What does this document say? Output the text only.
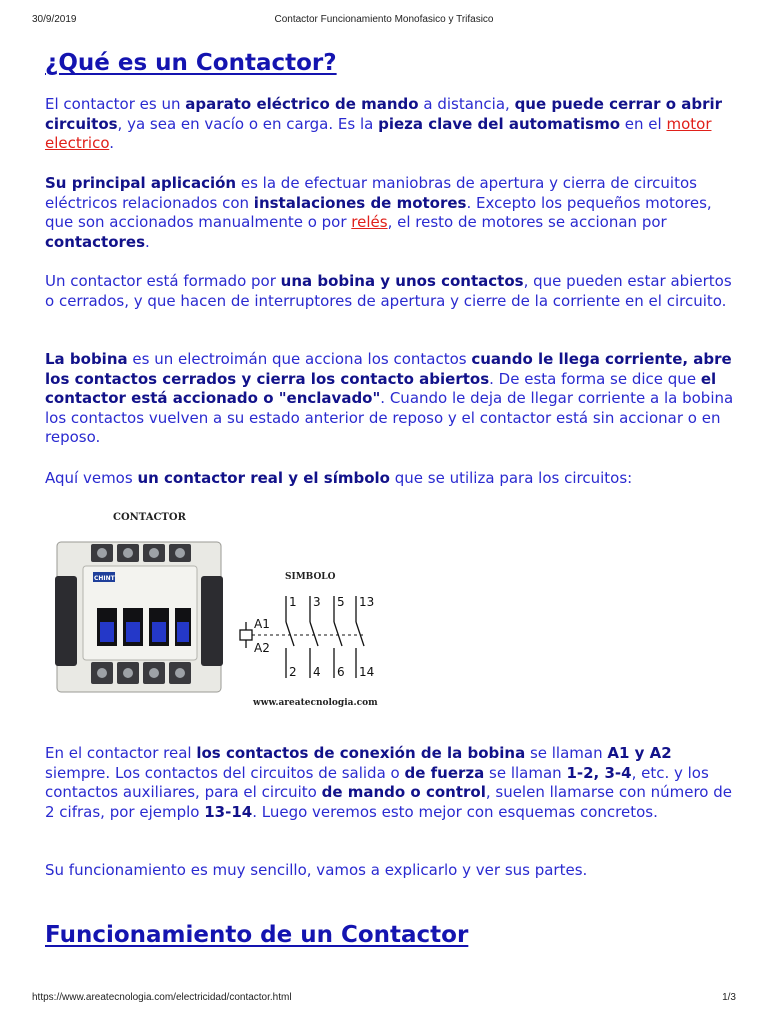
30/9/2019	Contactor Funcionamiento Monofasico y Trifasico
¿Qué es un Contactor?

El contactor es un aparato eléctrico de mando a distancia, que puede cerrar o abrir circuitos, ya sea en vacío o en carga. Es la pieza clave del automatismo en el motor electrico.

Su principal aplicación es la de efectuar maniobras de apertura y cierra de circuitos eléctricos relacionados con instalaciones de motores. Excepto los pequeños motores, que son accionados manualmente o por relés, el resto de motores se accionan por contactores.

Un contactor está formado por una bobina y unos contactos, que pueden estar abiertos o cerrados, y que hacen de interruptores de apertura y cierre de la corriente en el circuito.

La bobina es un electroimán que acciona los contactos cuando le llega corriente, abre los contactos cerrados y cierra los contacto abiertos. De esta forma se dice que el contactor está accionado o "enclavado". Cuando le deja de llegar corriente a la bobina los contactos vuelven a su estado anterior de reposo y el contactor está sin accionar o en reposo.

Aquí vemos un contactor real y el símbolo que se utiliza para los circuitos:

CONTACTOR
CHINT	SIMBOLO
A1
A2
1 3 5 13
2 4 6 14
www.areatecnologia.com

En el contactor real los contactos de conexión de la bobina se llaman A1 y A2 siempre. Los contactos del circuitos de salida o de fuerza se llaman 1-2, 3-4, etc. y los contactos auxiliares, para el circuito de mando o control, suelen llamarse con número de 2 cifras, por ejemplo 13-14. Luego veremos esto mejor con esquemas concretos.

Su funcionamiento es muy sencillo, vamos a explicarlo y ver sus partes.

Funcionamiento de un Contactor
https://www.areatecnologia.com/electricidad/contactor.html	1/3
